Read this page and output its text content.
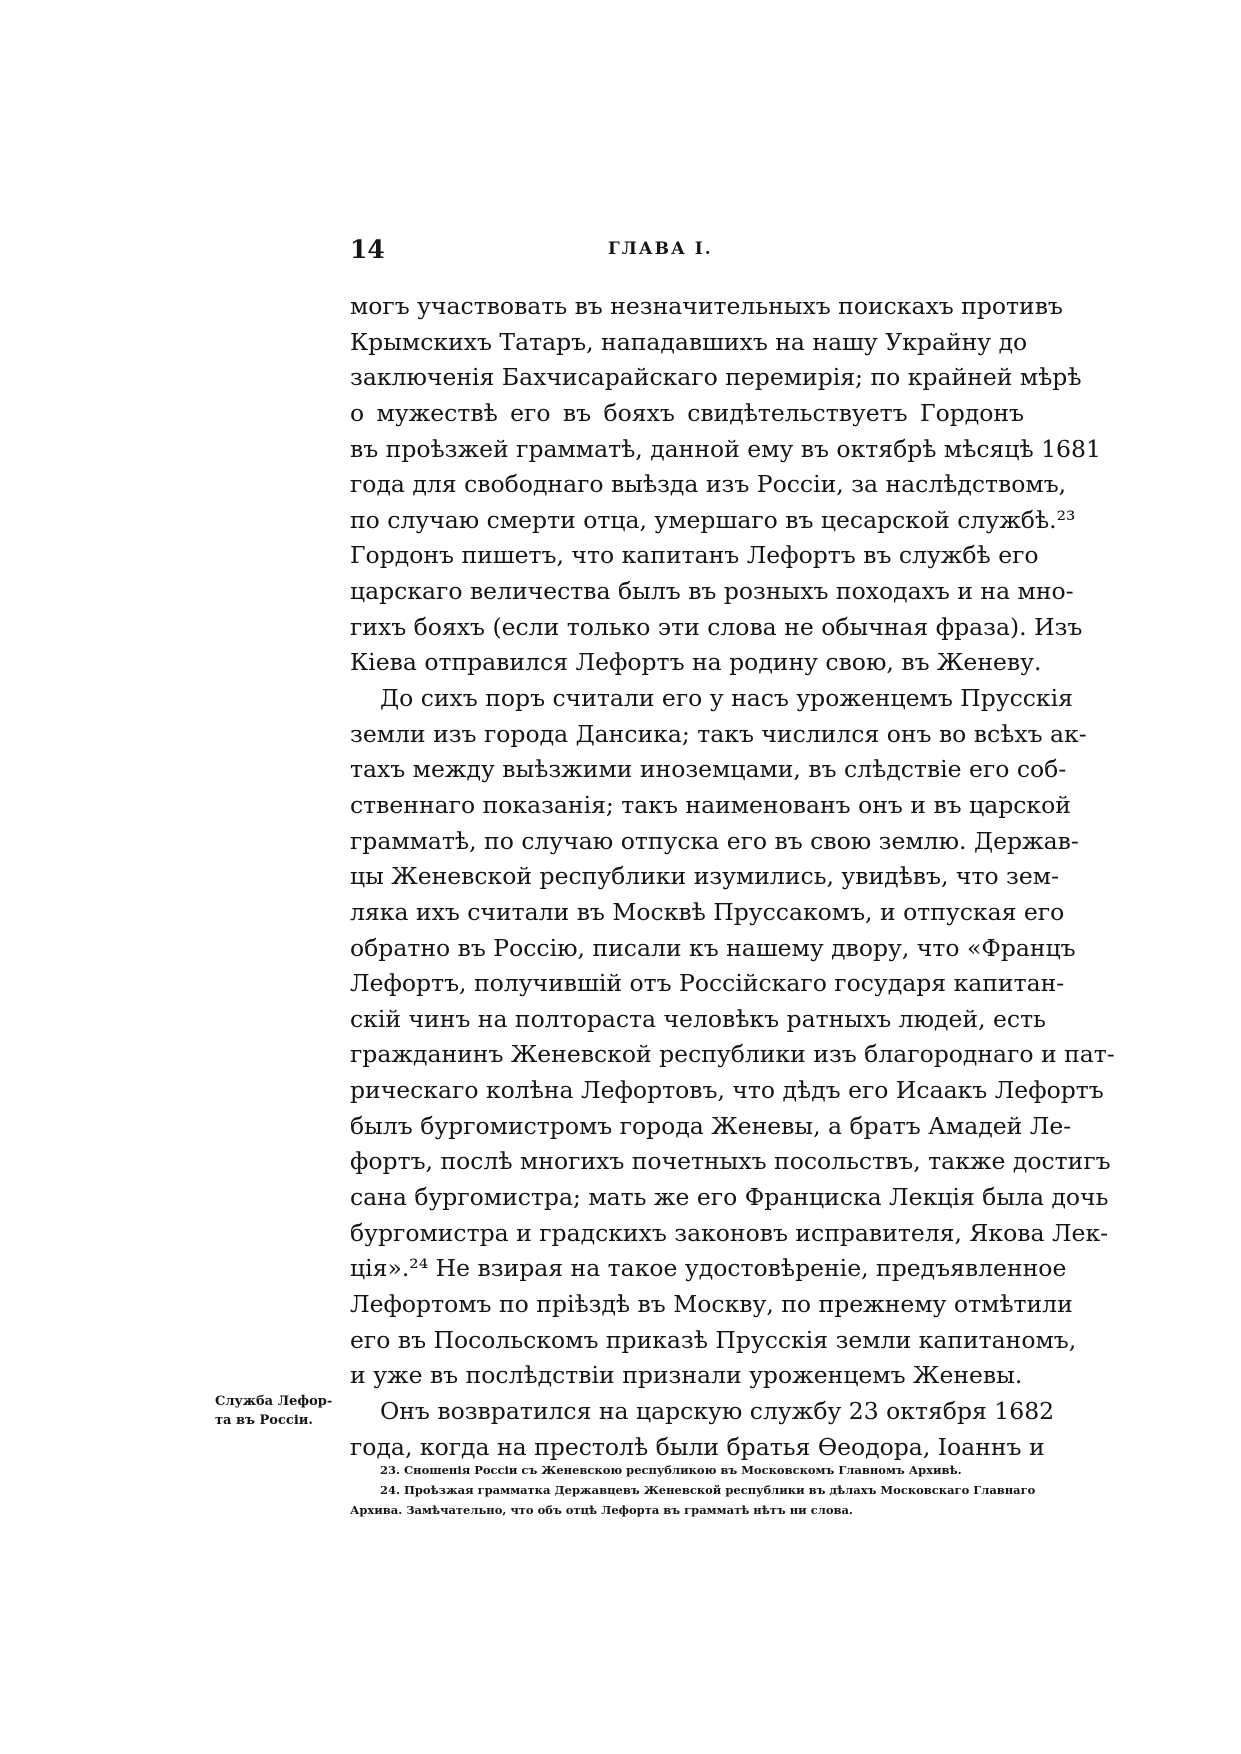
14	ГЛАВА I.
могъ участвовать въ незначительныхъ поискахъ противъ
Крымскихъ Татаръ, нападавшихъ на нашу Украйну до
заключенія Бахчисарайскаго перемирія; по крайней мѣрѣ
о мужествѣ его въ бояхъ свидѣтельствуетъ Гордонъ
въ проѣзжей грамматѣ, данной ему въ октябрѣ мѣсяцѣ 1681
года для свободнаго выѣзда изъ Россіи, за наслѣдствомъ,
по случаю смерти отца, умершаго въ цесарской службѣ.²³
Гордонъ пишетъ, что капитанъ Лефортъ въ службѣ его
царскаго величества былъ въ розныхъ походахъ и на мно-
гихъ бояхъ (если только эти слова не обычная фраза). Изъ
Кіева отправился Лефортъ на родину свою, въ Женеву.
До сихъ поръ считали его у насъ уроженцемъ Прусскія
земли изъ города Дансика; такъ числился онъ во всѣхъ ак-
тахъ между выѣзжими иноземцами, въ слѣдствіе его соб-
ственнаго показанія; такъ наименованъ онъ и въ царской
грамматѣ, по случаю отпуска его въ свою землю. Держав-
цы Женевской республики изумились, увидѣвъ, что зем-
ляка ихъ считали въ Москвѣ Пруссакомъ, и отпуская его
обратно въ Россію, писали къ нашему двору, что «Францъ
Лефортъ, получившій отъ Россійскаго государя капитан-
скій чинъ на полтораста человѣкъ ратныхъ людей, есть
гражданинъ Женевской республики изъ благороднаго и пат-
рическаго колѣна Лефортовъ, что дѣдъ его Исаакъ Лефортъ
былъ бургомистромъ города Женевы, а братъ Амадей Ле-
фортъ, послѣ многихъ почетныхъ посольствъ, также достигъ
сана бургомистра; мать же его Франциска Лекція была дочь
бургомистра и градскихъ законовъ исправителя, Якова Лек-
ція».²⁴ Не взирая на такое удостовѣреніе, предъявленное
Лефортомъ по пріѣздѣ въ Москву, по прежнему отмѣтили
его въ Посольскомъ приказѣ Прусскія земли капитаномъ,
и уже въ послѣдствіи признали уроженцемъ Женевы.
Онъ возвратился на царскую службу 23 октября 1682
года, когда на престолѣ были братья Ѳеодора, Іоаннъ и
Служба Лефор-
та въ Россіи.
23. Сношенія Россіи съ Женевскою республикою въ Московскомъ Главномъ Архивѣ.
24. Проѣзжая грамматка Державцевъ Женевской республики въ дѣлахъ Московскаго Главнаго
Архива. Замѣчательно, что объ отцѣ Лефорта въ грамматѣ нѣтъ ни слова.
